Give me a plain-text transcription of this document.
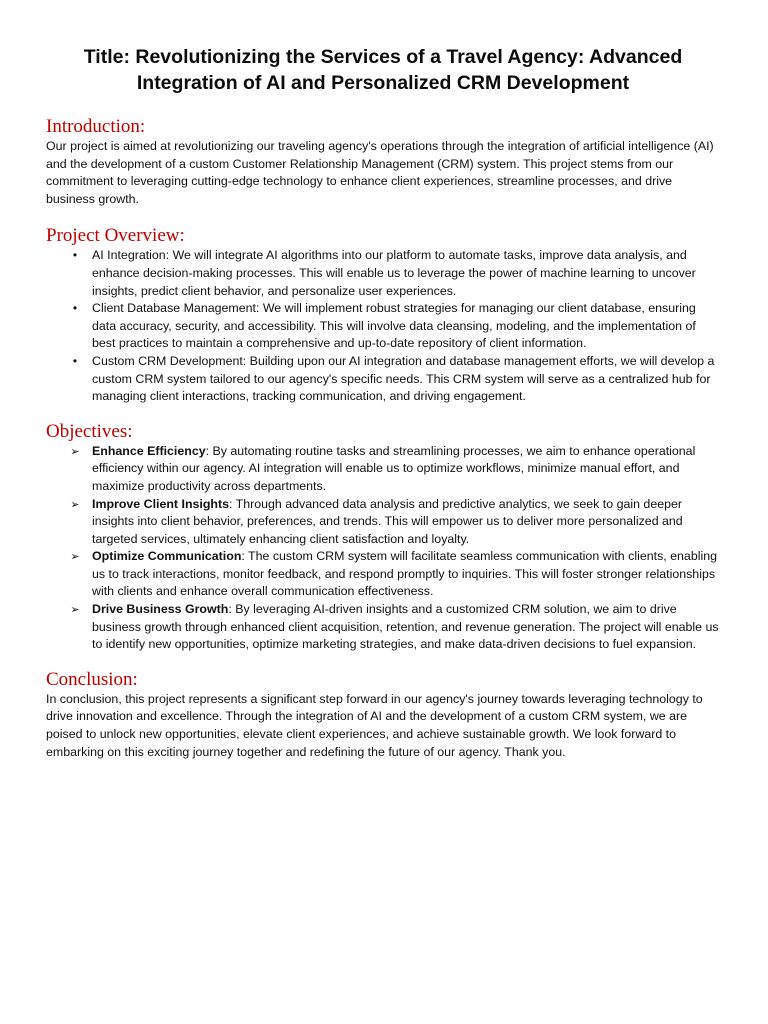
Title: Revolutionizing the Services of a Travel Agency: Advanced Integration of AI and Personalized CRM Development
Introduction:

Our project is aimed at revolutionizing our traveling agency's operations through the integration of artificial intelligence (AI) and the development of a custom Customer Relationship Management (CRM) system. This project stems from our commitment to leveraging cutting-edge technology to enhance client experiences, streamline processes, and drive business growth.

Project Overview:
• AI Integration: We will integrate AI algorithms into our platform to automate tasks, improve data analysis, and enhance decision-making processes. This will enable us to leverage the power of machine learning to uncover insights, predict client behavior, and personalize user experiences.
• Client Database Management: We will implement robust strategies for managing our client database, ensuring data accuracy, security, and accessibility. This will involve data cleansing, modeling, and the implementation of best practices to maintain a comprehensive and up-to-date repository of client information.
• Custom CRM Development: Building upon our AI integration and database management efforts, we will develop a custom CRM system tailored to our agency's specific needs. This CRM system will serve as a centralized hub for managing client interactions, tracking communication, and driving engagement.
Objectives:
➢ Enhance Efficiency: By automating routine tasks and streamlining processes, we aim to enhance operational efficiency within our agency. AI integration will enable us to optimize workflows, minimize manual effort, and maximize productivity across departments.
➢ Improve Client Insights: Through advanced data analysis and predictive analytics, we seek to gain deeper insights into client behavior, preferences, and trends. This will empower us to deliver more personalized and targeted services, ultimately enhancing client satisfaction and loyalty.
➢ Optimize Communication: The custom CRM system will facilitate seamless communication with clients, enabling us to track interactions, monitor feedback, and respond promptly to inquiries. This will foster stronger relationships with clients and enhance overall communication effectiveness.
➢ Drive Business Growth: By leveraging AI-driven insights and a customized CRM solution, we aim to drive business growth through enhanced client acquisition, retention, and revenue generation. The project will enable us to identify new opportunities, optimize marketing strategies, and make data-driven decisions to fuel expansion.
Conclusion:

In conclusion, this project represents a significant step forward in our agency's journey towards leveraging technology to drive innovation and excellence. Through the integration of AI and the development of a custom CRM system, we are poised to unlock new opportunities, elevate client experiences, and achieve sustainable growth. We look forward to embarking on this exciting journey together and redefining the future of our agency. Thank you.
